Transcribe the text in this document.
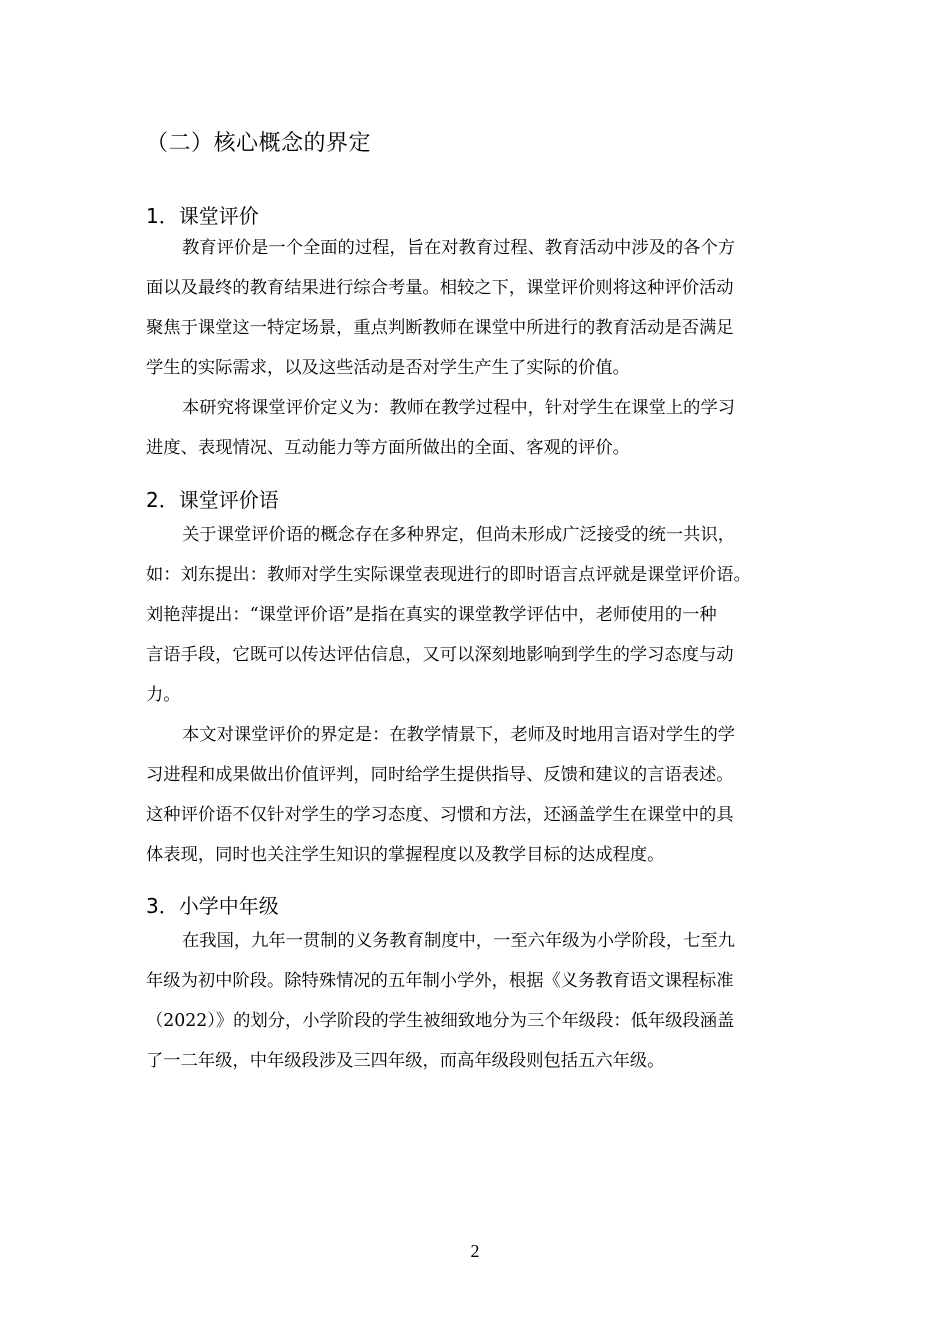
（二）核心概念的界定
1．课堂评价
教育评价是一个全面的过程，旨在对教育过程、教育活动中涉及的各个方
面以及最终的教育结果进行综合考量。相较之下，课堂评价则将这种评价活动
聚焦于课堂这一特定场景，重点判断教师在课堂中所进行的教育活动是否满足
学生的实际需求，以及这些活动是否对学生产生了实际的价值。
本研究将课堂评价定义为：教师在教学过程中，针对学生在课堂上的学习
进度、表现情况、互动能力等方面所做出的全面、客观的评价。
2．课堂评价语
关于课堂评价语的概念存在多种界定，但尚未形成广泛接受的统一共识，
如：刘东提出：教师对学生实际课堂表现进行的即时语言点评就是课堂评价语。
刘艳萍提出：“课堂评价语”是指在真实的课堂教学评估中，老师使用的一种
言语手段，它既可以传达评估信息，又可以深刻地影响到学生的学习态度与动
力。
本文对课堂评价的界定是：在教学情景下，老师及时地用言语对学生的学
习进程和成果做出价值评判，同时给学生提供指导、反馈和建议的言语表述。
这种评价语不仅针对学生的学习态度、习惯和方法，还涵盖学生在课堂中的具
体表现，同时也关注学生知识的掌握程度以及教学目标的达成程度。
3．小学中年级
在我国，九年一贯制的义务教育制度中，一至六年级为小学阶段，七至九
年级为初中阶段。除特殊情况的五年制小学外，根据《义务教育语文课程标准
（2022）》的划分，小学阶段的学生被细致地分为三个年级段：低年级段涵盖
了一二年级，中年级段涉及三四年级，而高年级段则包括五六年级。
2
